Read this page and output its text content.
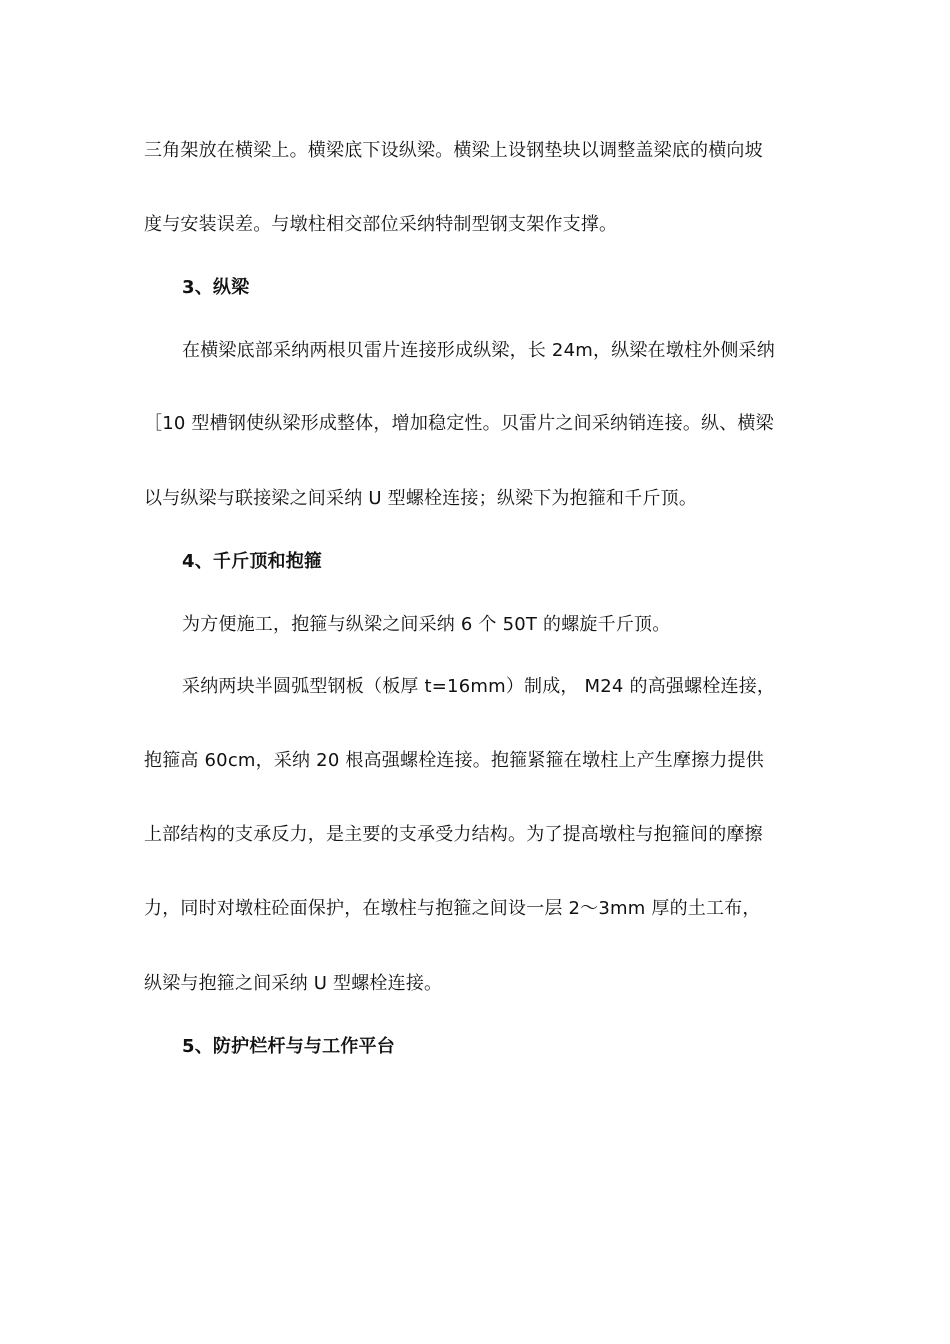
三角架放在横梁上。横梁底下设纵梁。横梁上设钢垫块以调整盖梁底的横向坡
度与安装误差。与墩柱相交部位采纳特制型钢支架作支撑。
3、纵梁
在横梁底部采纳两根贝雷片连接形成纵梁，长 24m，纵梁在墩柱外侧采纳
［10 型槽钢使纵梁形成整体，增加稳定性。贝雷片之间采纳销连接。纵、横梁
以与纵梁与联接梁之间采纳 U 型螺栓连接；纵梁下为抱箍和千斤顶。
4、千斤顶和抱箍
为方便施工，抱箍与纵梁之间采纳 6 个 50T 的螺旋千斤顶。
采纳两块半圆弧型钢板（板厚 t=16mm）制成， M24 的高强螺栓连接，
抱箍高 60cm，采纳 20 根高强螺栓连接。抱箍紧箍在墩柱上产生摩擦力提供
上部结构的支承反力，是主要的支承受力结构。为了提高墩柱与抱箍间的摩擦
力，同时对墩柱砼面保护，在墩柱与抱箍之间设一层 2～3mm 厚的土工布，
纵梁与抱箍之间采纳 U 型螺栓连接。
5、防护栏杆与与工作平台
